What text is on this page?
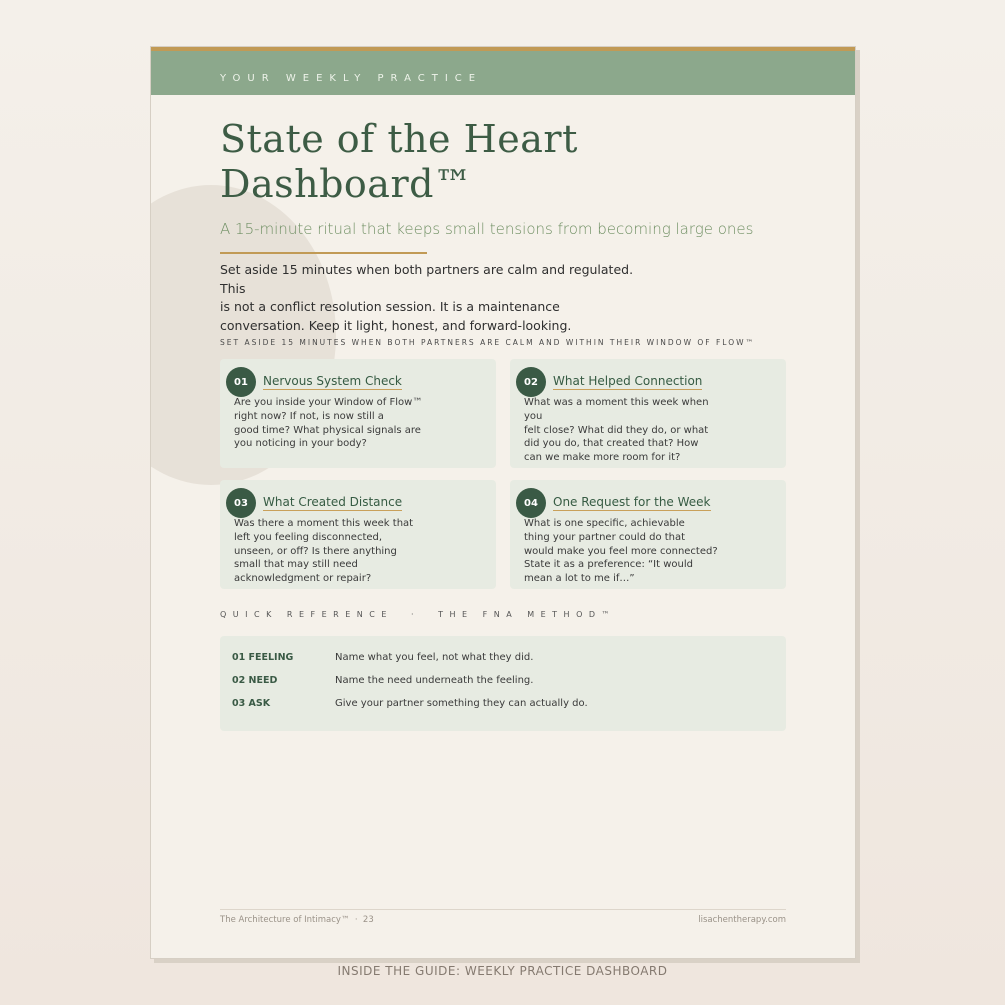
YOUR WEEKLY PRACTICE
State of the Heart
Dashboard™

A 15-minute ritual that keeps small tensions from becoming large ones

Set aside 15 minutes when both partners are calm and regulated. This
is not a conflict resolution session. It is a maintenance
conversation. Keep it light, honest, and forward-looking.

SET ASIDE 15 MINUTES WHEN BOTH PARTNERS ARE CALM AND WITHIN THEIR WINDOW OF FLOW™
01	Nervous System Check

Are you inside your Window of Flow™
right now? If not, is now still a
good time? What physical signals are
you noticing in your body?

02	What Helped Connection

What was a moment this week when you
felt close? What did they do, or what
did you do, that created that? How
can we make more room for it?

03	What Created Distance

Was there a moment this week that
left you feeling disconnected,
unseen, or off? Is there anything
small that may still need
acknowledgment or repair?

04	One Request for the Week

What is one specific, achievable
thing your partner could do that
would make you feel more connected?
State it as a preference: “It would
mean a lot to me if…”

QUICK REFERENCE  ·  THE FNA METHOD™
01 FEELING	Name what you feel, not what they did.
02 NEED	Name the need underneath the feeling.
03 ASK	Give your partner something they can actually do.
The Architecture of Intimacy™  ·  23	lisachentherapy.com
INSIDE THE GUIDE: WEEKLY PRACTICE DASHBOARD
